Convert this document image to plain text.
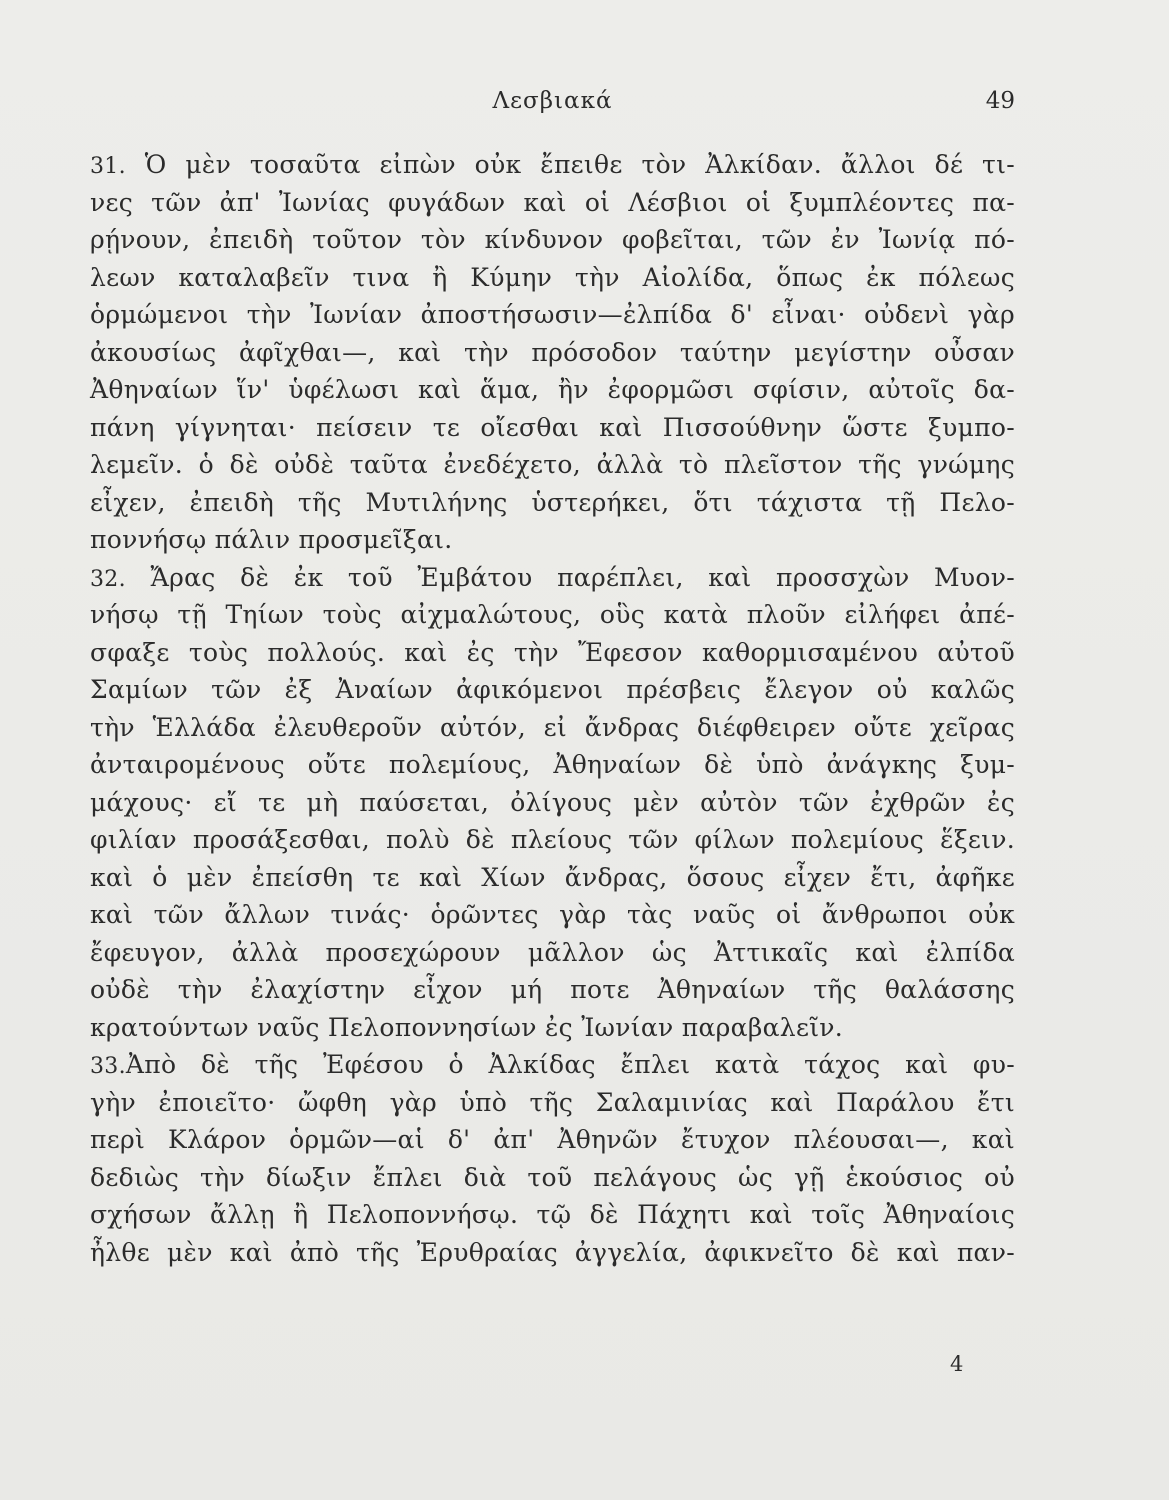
Λεσβιακά	49
31. Ὁ μὲν τοσαῦτα εἰπὼν οὐκ ἔπειθε τὸν Ἀλκίδαν. ἄλλοι δέ τι-
νες τῶν ἀπ' Ἰωνίας φυγάδων καὶ οἱ Λέσβιοι οἱ ξυμπλέοντες πα-
ρῄνουν, ἐπειδὴ τοῦτον τὸν κίνδυνον φοβεῖται, τῶν ἐν Ἰωνίᾳ πό-
λεων καταλαβεῖν τινα ἢ Κύμην τὴν Αἰολίδα, ὅπως ἐκ πόλεως
ὁρμώμενοι τὴν Ἰωνίαν ἀποστήσωσιν—ἐλπίδα δ' εἶναι· οὐδενὶ γὰρ
ἀκουσίως ἀφῖχθαι—, καὶ τὴν πρόσοδον ταύτην μεγίστην οὖσαν
Ἀθηναίων ἵν' ὑφέλωσι καὶ ἅμα, ἢν ἐφορμῶσι σφίσιν, αὐτοῖς δα-
πάνη γίγνηται· πείσειν τε οἴεσθαι καὶ Πισσούθνην ὥστε ξυμπο-
λεμεῖν. ὁ δὲ οὐδὲ ταῦτα ἐνεδέχετο, ἀλλὰ τὸ πλεῖστον τῆς γνώμης
εἶχεν, ἐπειδὴ τῆς Μυτιλήνης ὑστερήκει, ὅτι τάχιστα τῇ Πελο-
ποννήσῳ πάλιν προσμεῖξαι.
32. Ἄρας δὲ ἐκ τοῦ Ἐμβάτου παρέπλει, καὶ προσσχὼν Μυον-
νήσῳ τῇ Τηίων τοὺς αἰχμαλώτους, οὓς κατὰ πλοῦν εἰλήφει ἀπέ-
σφαξε τοὺς πολλούς. καὶ ἐς τὴν Ἔφεσον καθορμισαμένου αὐτοῦ
Σαμίων τῶν ἐξ Ἀναίων ἀφικόμενοι πρέσβεις ἔλεγον οὐ καλῶς
τὴν Ἑλλάδα ἐλευθεροῦν αὐτόν, εἰ ἄνδρας διέφθειρεν οὔτε χεῖρας
ἀνταιρομένους οὔτε πολεμίους, Ἀθηναίων δὲ ὑπὸ ἀνάγκης ξυμ-
μάχους· εἴ τε μὴ παύσεται, ὀλίγους μὲν αὐτὸν τῶν ἐχθρῶν ἐς
φιλίαν προσάξεσθαι, πολὺ δὲ πλείους τῶν φίλων πολεμίους ἕξειν.
καὶ ὁ μὲν ἐπείσθη τε καὶ Χίων ἄνδρας, ὅσους εἶχεν ἔτι, ἀφῆκε
καὶ τῶν ἄλλων τινάς· ὁρῶντες γὰρ τὰς ναῦς οἱ ἄνθρωποι οὐκ
ἔφευγον, ἀλλὰ προσεχώρουν μᾶλλον ὡς Ἀττικαῖς καὶ ἐλπίδα
οὐδὲ τὴν ἐλαχίστην εἶχον μή ποτε Ἀθηναίων τῆς θαλάσσης
κρατούντων ναῦς Πελοποννησίων ἐς Ἰωνίαν παραβαλεῖν.
33.Ἀπὸ δὲ τῆς Ἐφέσου ὁ Ἀλκίδας ἔπλει κατὰ τάχος καὶ φυ-
γὴν ἐποιεῖτο· ὤφθη γὰρ ὑπὸ τῆς Σαλαμινίας καὶ Παράλου ἔτι
περὶ Κλάρον ὁρμῶν—αἱ δ' ἀπ' Ἀθηνῶν ἔτυχον πλέουσαι—, καὶ
δεδιὼς τὴν δίωξιν ἔπλει διὰ τοῦ πελάγους ὡς γῇ ἑκούσιος οὐ
σχήσων ἄλλῃ ἢ Πελοποννήσῳ. τῷ δὲ Πάχητι καὶ τοῖς Ἀθηναίοις
ἦλθε μὲν καὶ ἀπὸ τῆς Ἐρυθραίας ἀγγελία, ἀφικνεῖτο δὲ καὶ παν-
4
